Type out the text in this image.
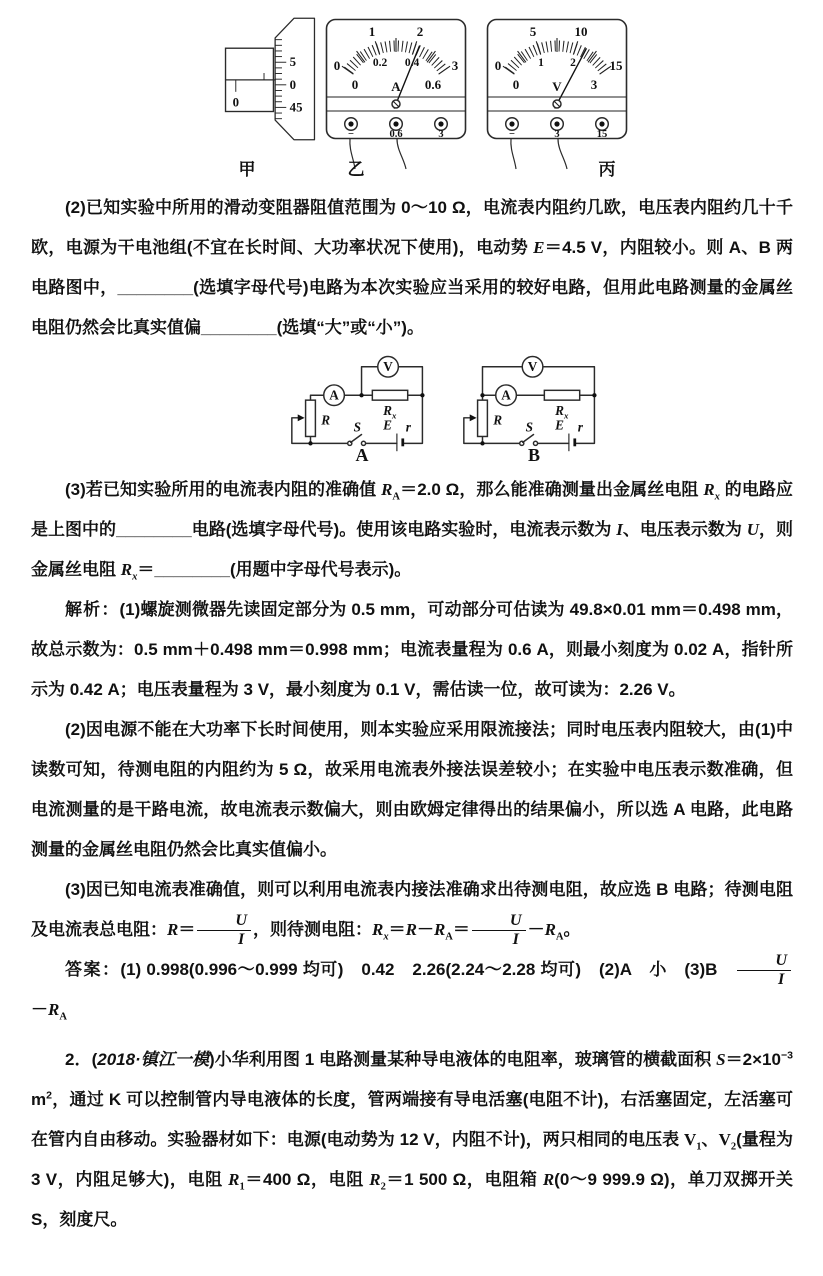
0
5
0
45
0
1	2
3
0.2 0.4
0	A 0.6
−	0.6	3
0
5	10
15
1 2
0	V 3
−	3	15
甲	乙	丙

(2)已知实验中所用的滑动变阻器阻值范围为 0～10 Ω，电流表内阻约几欧，电压表内阻约几十千欧，电源为干电池组(不宜在长时间、大功率状况下使用)，电动势 E＝4.5 V，内阻较小。则 A、B 两电路图中，________(选填字母代号)电路为本次实验应当采用的较好电路，但用此电路测量的金属丝电阻仍然会比真实值偏________(选填“大”或“小”)。

V
A
$R_x$
R S E r
V
A
$R_x$
R S E r
A	B

(3)若已知实验所用的电流表内阻的准确值 $R_A=2.0$ Ω，那么能准确测量出金属丝电阻 $R_x$ 的电路应是上图中的________电路(选填字母代号)。使用该电路实验时，电流表示数为 I、电压表示数为 U，则金属丝电阻 $R_x=\_\_\_\_\_\_\_\_$(用题中字母代号表示)。

解析：(1)螺旋测微器先读固定部分为 0.5 mm，可动部分可估读为 49.8×0.01 mm＝0.498 mm，故总示数为：0.5 mm＋0.498 mm＝0.998 mm；电流表量程为 0.6 A，则最小刻度为 0.02 A，指针所示为 0.42 A；电压表量程为 3 V，最小刻度为 0.1 V，需估读一位，故可读为：2.26 V。

(2)因电源不能在大功率下长时间使用，则本实验应采用限流接法；同时电压表内阻较大，由(1)中读数可知，待测电阻的内阻约为 5 Ω，故采用电流表外接法误差较小；在实验中电压表示数准确，但电流测量的是干路电流，故电流表示数偏大，则由欧姆定律得出的结果偏小，所以选 A 电路，此电路测量的金属丝电阻仍然会比真实值偏小。

(3)因已知电流表准确值，则可以利用电流表内接法准确求出待测电阻，故应选 B 电路；待测电阻及电流表总电阻：$R= \frac{U}{I}$ ，则待测电阻：$R_x=R-R_A= \frac{U}{I} -R_A$。

答案：(1) 0.998(0.996～0.999 均可)　0.42　2.26(2.24～2.28 均可)　(2)A　小　(3)B　 $\frac{U}{I}$
$-R_A$

2．(2018·镇江一模)小华利用图 1 电路测量某种导电液体的电阻率，玻璃管的横截面积 $S=2\times 10^{-3}$ $m^2$，通过 K 可以控制管内导电液体的长度，管两端接有导电活塞(电阻不计)，右活塞固定，左活塞可在管内自由移动。实验器材如下：电源(电动势为 12 V，内阻不计)，两只相同的电压表 $V_1$、$V_2$(量程为 3 V，内阻足够大)，电阻 $R_1=400$ Ω，电阻 $R_2=1$ 500 Ω，电阻箱 R(0～9 999.9 Ω)，单刀双掷开关 S，刻度尺。
